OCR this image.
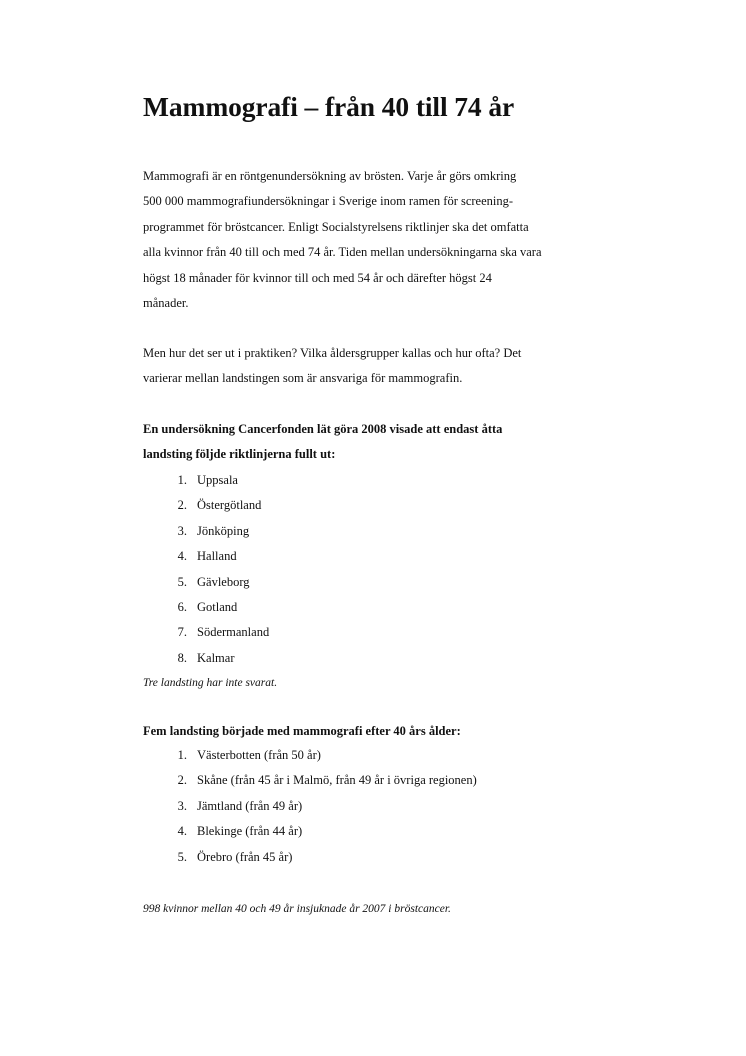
Mammografi – från 40 till 74 år

Mammografi är en röntgenundersökning av brösten. Varje år görs omkring
500 000 mammografiundersökningar i Sverige inom ramen för screening-
programmet för bröstcancer. Enligt Socialstyrelsens riktlinjer ska det omfatta
alla kvinnor från 40 till och med 74 år. Tiden mellan undersökningarna ska vara
högst 18 månader för kvinnor till och med 54 år och därefter högst 24
månader.

Men hur det ser ut i praktiken? Vilka åldersgrupper kallas och hur ofta? Det
varierar mellan landstingen som är ansvariga för mammografin.

En undersökning Cancerfonden lät göra 2008 visade att endast åtta
landsting följde riktlinjerna fullt ut:

1. Uppsala
2. Östergötland
3. Jönköping
4. Halland
5. Gävleborg
6. Gotland
7. Södermanland
8. Kalmar

Tre landsting har inte svarat.

Fem landsting började med mammografi efter 40 års ålder:

1. Västerbotten (från 50 år)
2. Skåne (från 45 år i Malmö, från 49 år i övriga regionen)
3. Jämtland (från 49 år)
4. Blekinge (från 44 år)
5. Örebro (från 45 år)

998 kvinnor mellan 40 och 49 år insjuknade år 2007 i bröstcancer.
